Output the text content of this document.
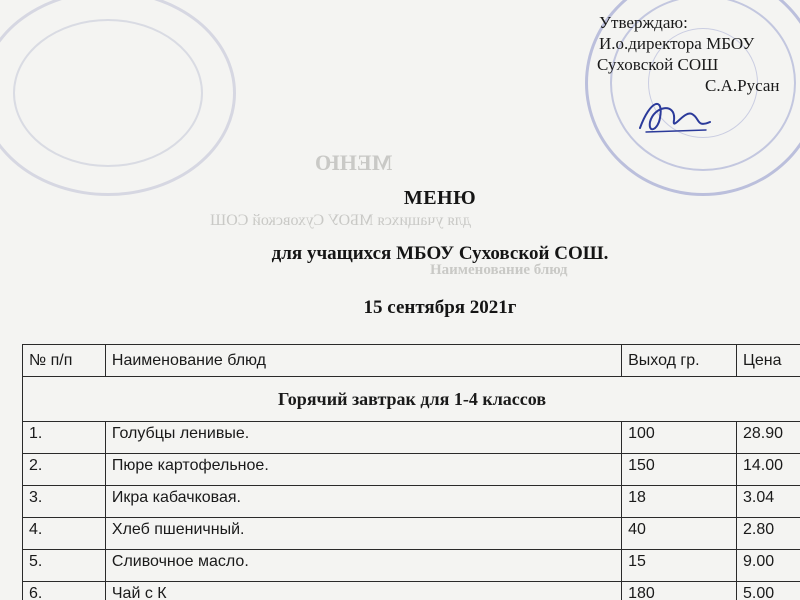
МЕНЮ
для учащихся МБОУ Суховской СОШ
Наименование блюд
Утверждаю:
И.о.директора МБОУ
Суховской СОШ
С.А.Русан
МЕНЮ
для учащихся МБОУ Суховской СОШ.
15 сентября 2021г
№ п/п	Наименование блюд	Выход гр.	Цена
Горячий завтрак для 1-4 классов			

1.	Голубцы ленивые.	100	28.90

2.	Пюре картофельное.	150	14.00

3.	Икра кабачковая.	18	3.04

4.	Хлеб пшеничный.	40	2.80

5.	Сливочное масло.	15	9.00

6.	Чай с К	180	5.00
